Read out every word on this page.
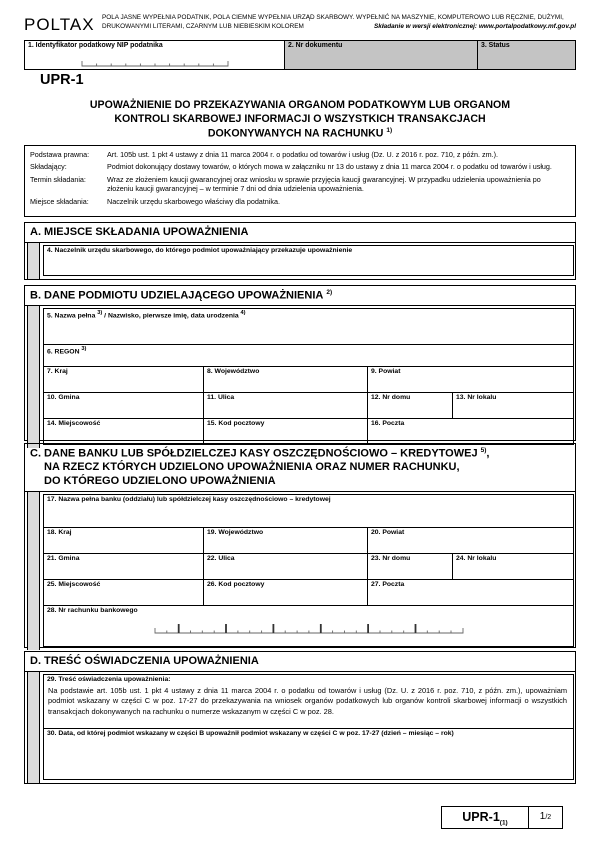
POLTAX	POLA JASNE WYPEŁNIA PODATNIK, POLA CIEMNE WYPEŁNIA URZĄD SKARBOWY. WYPEŁNIĆ NA MASZYNIE, KOMPUTEROWO LUB RĘCZNIE, DUŻYMI,
DRUKOWANYMI LITERAMI, CZARNYM LUB NIEBIESKIM KOLOREM	Składanie w wersji elektronicznej: www.portalpodatkowy.mf.gov.pl
1. Identyfikator podatkowy NIP podatnika	2. Nr dokumentu	3. Status
UPR-1
UPOWAŻNIENIE DO PRZEKAZYWANIA ORGANOM PODATKOWYM LUB ORGANOM
KONTROLI SKARBOWEJ INFORMACJI O WSZYSTKICH TRANSAKCJACH
DOKONYWANYCH NA RACHUNKU $^{1)}$
Podstawa prawna:	Art. 105b ust. 1 pkt 4 ustawy z dnia 11 marca 2004 r. o podatku od towarów i usług (Dz. U. z 2016 r. poz. 710, z późn. zm.).
Składający:	Podmiot dokonujący dostawy towarów, o których mowa w załączniku nr 13 do ustawy z dnia 11 marca 2004 r. o podatku od towarów i usług.
Termin składania:	Wraz ze złożeniem kaucji gwarancyjnej oraz wniosku w sprawie przyjęcia kaucji gwarancyjnej. W przypadku udzielenia upoważnienia po złożeniu kaucji gwarancyjnej – w terminie 7 dni od dnia udzielenia upoważnienia.
Miejsce składania:	Naczelnik urzędu skarbowego właściwy dla podatnika.
A. MIEJSCE SKŁADANIA UPOWAŻNIENIA
4. Naczelnik urzędu skarbowego, do którego podmiot upoważniający przekazuje upoważnienie
B. DANE PODMIOTU UDZIELAJĄCEGO UPOWAŻNIENIA $^{2)}$
5. Nazwa pełna $^{3)}$ / Nazwisko, pierwsze imię, data urodzenia $^{4)}$
6. REGON $^{3)}$
7. Kraj	8. Województwo	9. Powiat
10. Gmina	11. Ulica	12. Nr domu	13. Nr lokalu
14. Miejscowość	15. Kod pocztowy	16. Poczta
C. DANE BANKU LUB SPÓŁDZIELCZEJ KASY OSZCZĘDNOŚCIOWO – KREDYTOWEJ $^{5)}$,
NA RZECZ KTÓRYCH UDZIELONO UPOWAŻNIENIA ORAZ NUMER RACHUNKU,
DO KTÓREGO UDZIELONO UPOWAŻNIENIA
17. Nazwa pełna banku (oddziału) lub spółdzielczej kasy oszczędnościowo – kredytowej
18. Kraj	19. Województwo	20. Powiat
21. Gmina	22. Ulica	23. Nr domu	24. Nr lokalu
25. Miejscowość	26. Kod pocztowy	27. Poczta
28. Nr rachunku bankowego
D. TREŚĆ OŚWIADCZENIA UPOWAŻNIENIA
29. Treść oświadczenia upoważnienia:
Na podstawie art. 105b ust. 1 pkt 4 ustawy z dnia 11 marca 2004 r. o podatku od towarów i usług (Dz. U. z 2016 r. poz. 710, z późn. zm.), upoważniam podmiot wskazany w części C w poz. 17-27 do przekazywania na wniosek organów podatkowych lub organów kontroli skarbowej informacji o wszystkich transakcjach dokonywanych na rachunku o numerze wskazanym w części C w poz. 28.
30. Data, od której podmiot wskazany w części B upoważnił podmiot wskazany w części C w poz. 17-27 (dzień – miesiąc – rok)
UPR-$1_{(1)}$
1/2
